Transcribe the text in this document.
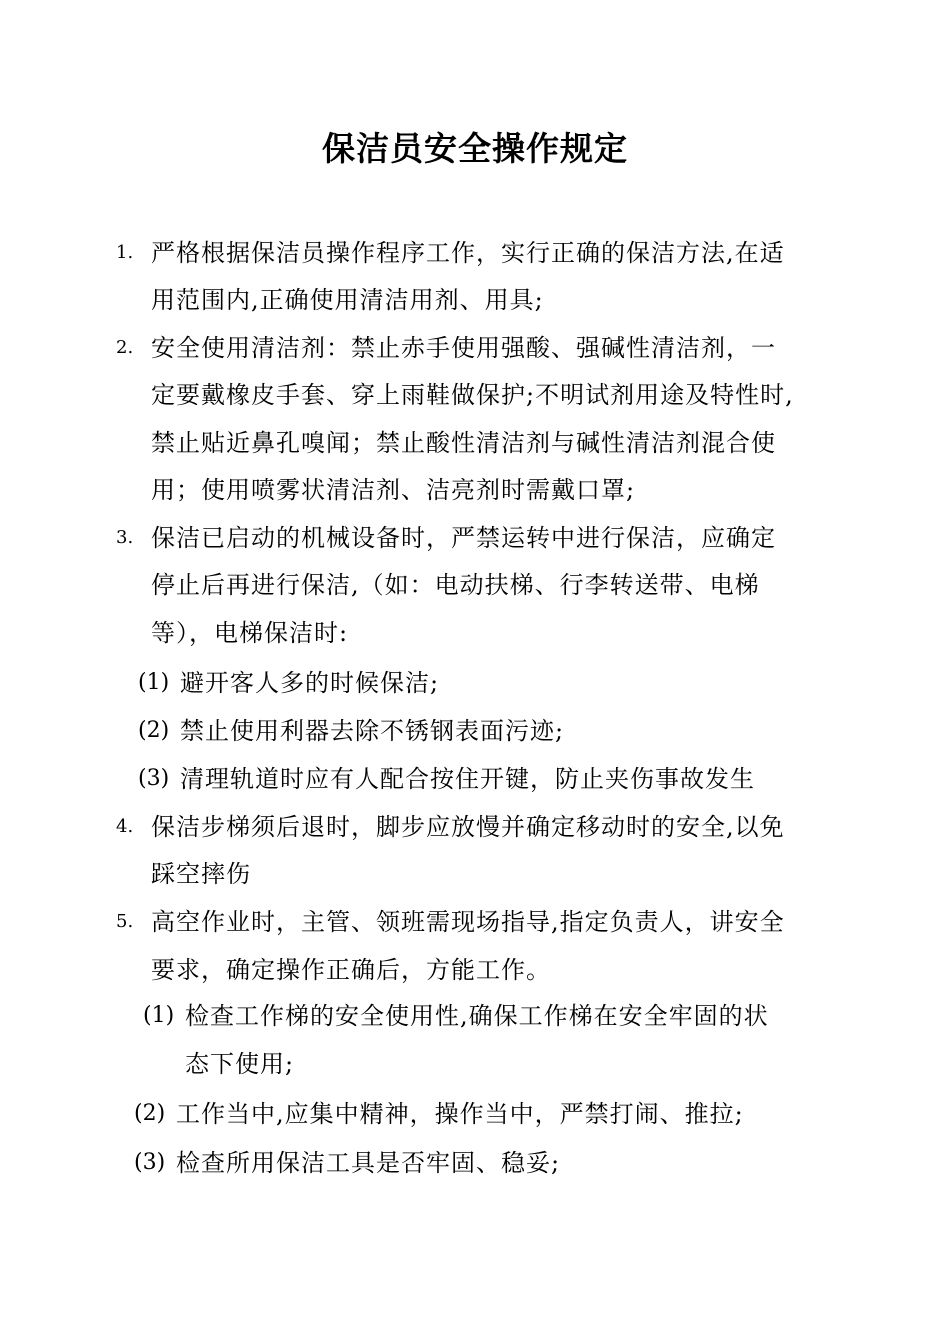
保洁员安全操作规定
1. 严格根据保洁员操作程序工作，实行正确的保洁方法,在适
用范围内,正确使用清洁用剂、用具;
2. 安全使用清洁剂：禁止赤手使用强酸、强碱性清洁剂，一
定要戴橡皮手套、穿上雨鞋做保护;不明试剂用途及特性时,
禁止贴近鼻孔嗅闻；禁止酸性清洁剂与碱性清洁剂混合使
用；使用喷雾状清洁剂、洁亮剂时需戴口罩;
3. 保洁已启动的机械设备时，严禁运转中进行保洁，应确定
停止后再进行保洁,（如：电动扶梯、行李转送带、电梯
等），电梯保洁时:
(1) 避开客人多的时候保洁;
(2) 禁止使用利器去除不锈钢表面污迹;
(3) 清理轨道时应有人配合按住开键，防止夹伤事故发生
4. 保洁步梯须后退时，脚步应放慢并确定移动时的安全,以免
踩空摔伤
5. 高空作业时，主管、领班需现场指导,指定负责人，讲安全
要求，确定操作正确后，方能工作。
(1) 检查工作梯的安全使用性,确保工作梯在安全牢固的状
态下使用;
(2) 工作当中,应集中精神，操作当中，严禁打闹、推拉;
(3) 检查所用保洁工具是否牢固、稳妥;
